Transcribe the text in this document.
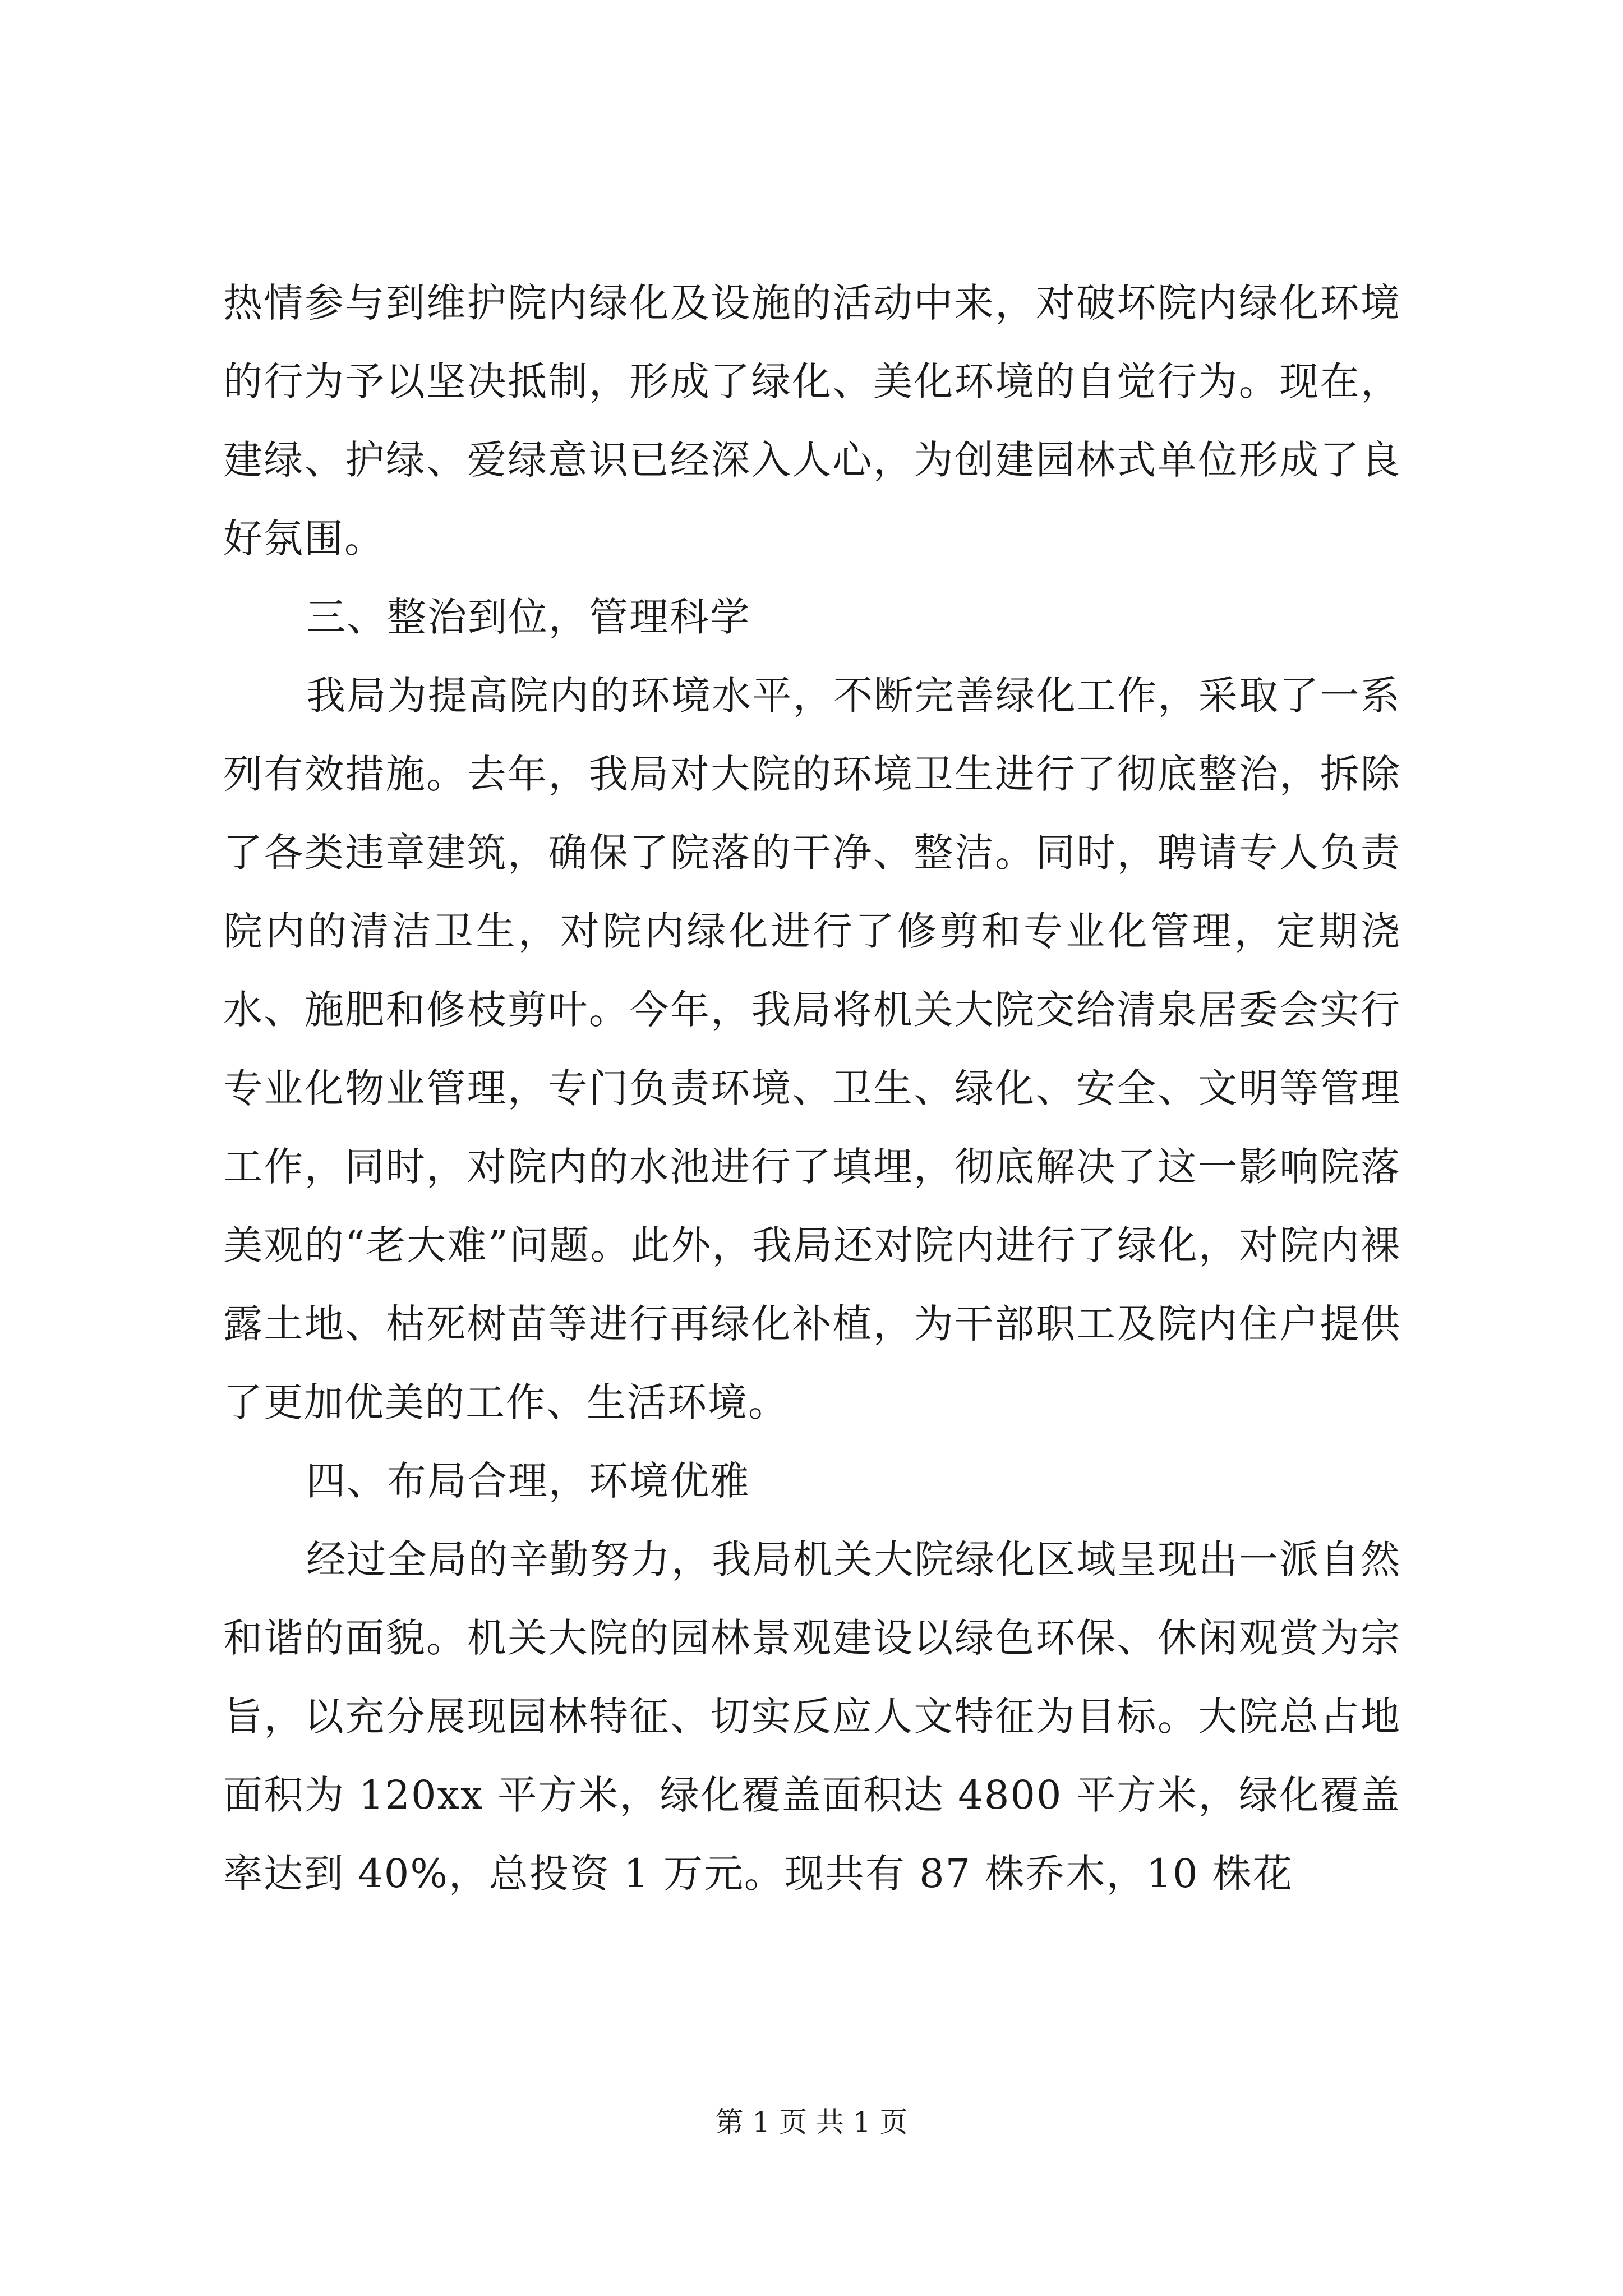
热情参与到维护院内绿化及设施的活动中来，对破坏院内绿化环境的行为予以坚决抵制，形成了绿化、美化环境的自觉行为。现在，建绿、护绿、爱绿意识已经深入人心，为创建园林式单位形成了良好氛围。

三、整治到位，管理科学

我局为提高院内的环境水平，不断完善绿化工作，采取了一系列有效措施。去年，我局对大院的环境卫生进行了彻底整治，拆除了各类违章建筑，确保了院落的干净、整洁。同时，聘请专人负责院内的清洁卫生，对院内绿化进行了修剪和专业化管理，定期浇水、施肥和修枝剪叶。今年，我局将机关大院交给清泉居委会实行专业化物业管理，专门负责环境、卫生、绿化、安全、文明等管理工作，同时，对院内的水池进行了填埋，彻底解决了这一影响院落美观的“老大难”问题。此外，我局还对院内进行了绿化，对院内裸露土地、枯死树苗等进行再绿化补植，为干部职工及院内住户提供了更加优美的工作、生活环境。

四、布局合理，环境优雅

经过全局的辛勤努力，我局机关大院绿化区域呈现出一派自然和谐的面貌。机关大院的园林景观建设以绿色环保、休闲观赏为宗旨，以充分展现园林特征、切实反应人文特征为目标。大院总占地面积为 120xx 平方米，绿化覆盖面积达 4800 平方米，绿化覆盖率达到 40%，总投资 1 万元。现共有 87 株乔木，10 株花

第 1 页 共 1 页
